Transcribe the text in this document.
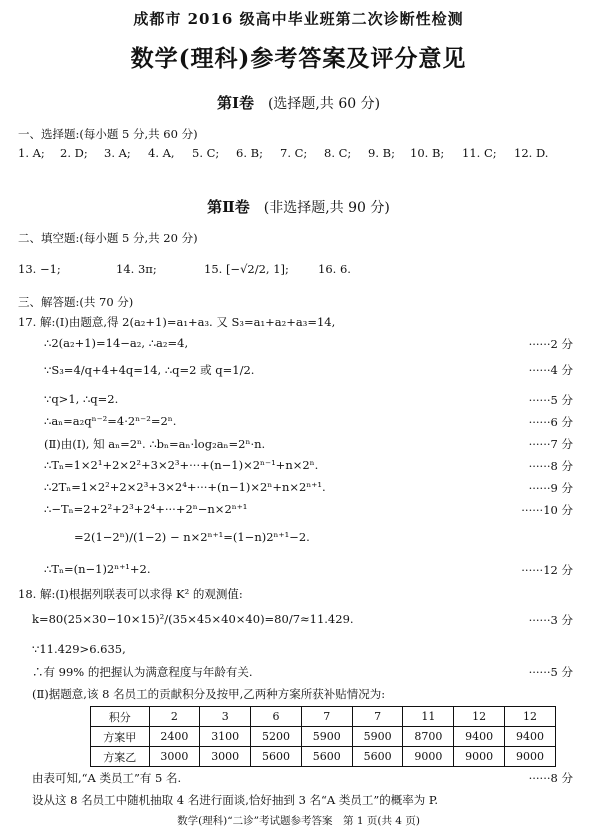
成都市 2016 级高中毕业班第二次诊断性检测
数学(理科)参考答案及评分意见
第Ⅰ卷 (选择题,共 60 分)
一、选择题:(每小题 5 分,共 60 分)
1. A; 2. D; 3. A; 4. A, 5. C; 6. B; 7. C; 8. C; 9. B; 10. B; 11. C; 12. D.
第Ⅱ卷 (非选择题,共 90 分)
二、填空题:(每小题 5 分,共 20 分)
13. −1;	14. 3π;	15. [−√2/2, 1];	16. 6.
三、解答题:(共 70 分)
17. 解:(Ⅰ)由题意,得 2(a₂+1)=a₁+a₃. 又 S₃=a₁+a₂+a₃=14,
∴2(a₂+1)=14−a₂, ∴a₂=4,	······2 分
∵S₃=4/q+4+4q=14, ∴q=2 或 q=1/2.	······4 分
∵q>1, ∴q=2.	······5 分
∴aₙ=a₂qⁿ⁻²=4·2ⁿ⁻²=2ⁿ.	······6 分
(Ⅱ)由(Ⅰ), 知 aₙ=2ⁿ. ∴bₙ=aₙ·log₂aₙ=2ⁿ·n.	······7 分
∴Tₙ=1×2¹+2×2²+3×2³+···+(n−1)×2ⁿ⁻¹+n×2ⁿ.	······8 分
∴2Tₙ=1×2²+2×2³+3×2⁴+···+(n−1)×2ⁿ+n×2ⁿ⁺¹.	······9 分
∴−Tₙ=2+2²+2³+2⁴+···+2ⁿ−n×2ⁿ⁺¹	······10 分
=2(1−2ⁿ)/(1−2) − n×2ⁿ⁺¹=(1−n)2ⁿ⁺¹−2.
∴Tₙ=(n−1)2ⁿ⁺¹+2.	······12 分
18. 解:(Ⅰ)根据列联表可以求得 K² 的观测值:
k=80(25×30−10×15)²/(35×45×40×40)=80/7≈11.429.	······3 分
∵11.429>6.635,
∴有 99% 的把握认为满意程度与年龄有关.	······5 分
(Ⅱ)据题意,该 8 名员工的贡献积分及按甲,乙两种方案所获补贴情况为:
积分	2	3	6	7	7	11	12	12
方案甲	2400	3100	5200	5900	5900	8700	9400	9400
方案乙	3000	3000	5600	5600	5600	9000	9000	9000
由表可知,“A 类员工”有 5 名.	······8 分
设从这 8 名员工中随机抽取 4 名进行面谈,恰好抽到 3 名“A 类员工”的概率为 P.
数学(理科)“二诊”考试题参考答案　第 1 页(共 4 页)
